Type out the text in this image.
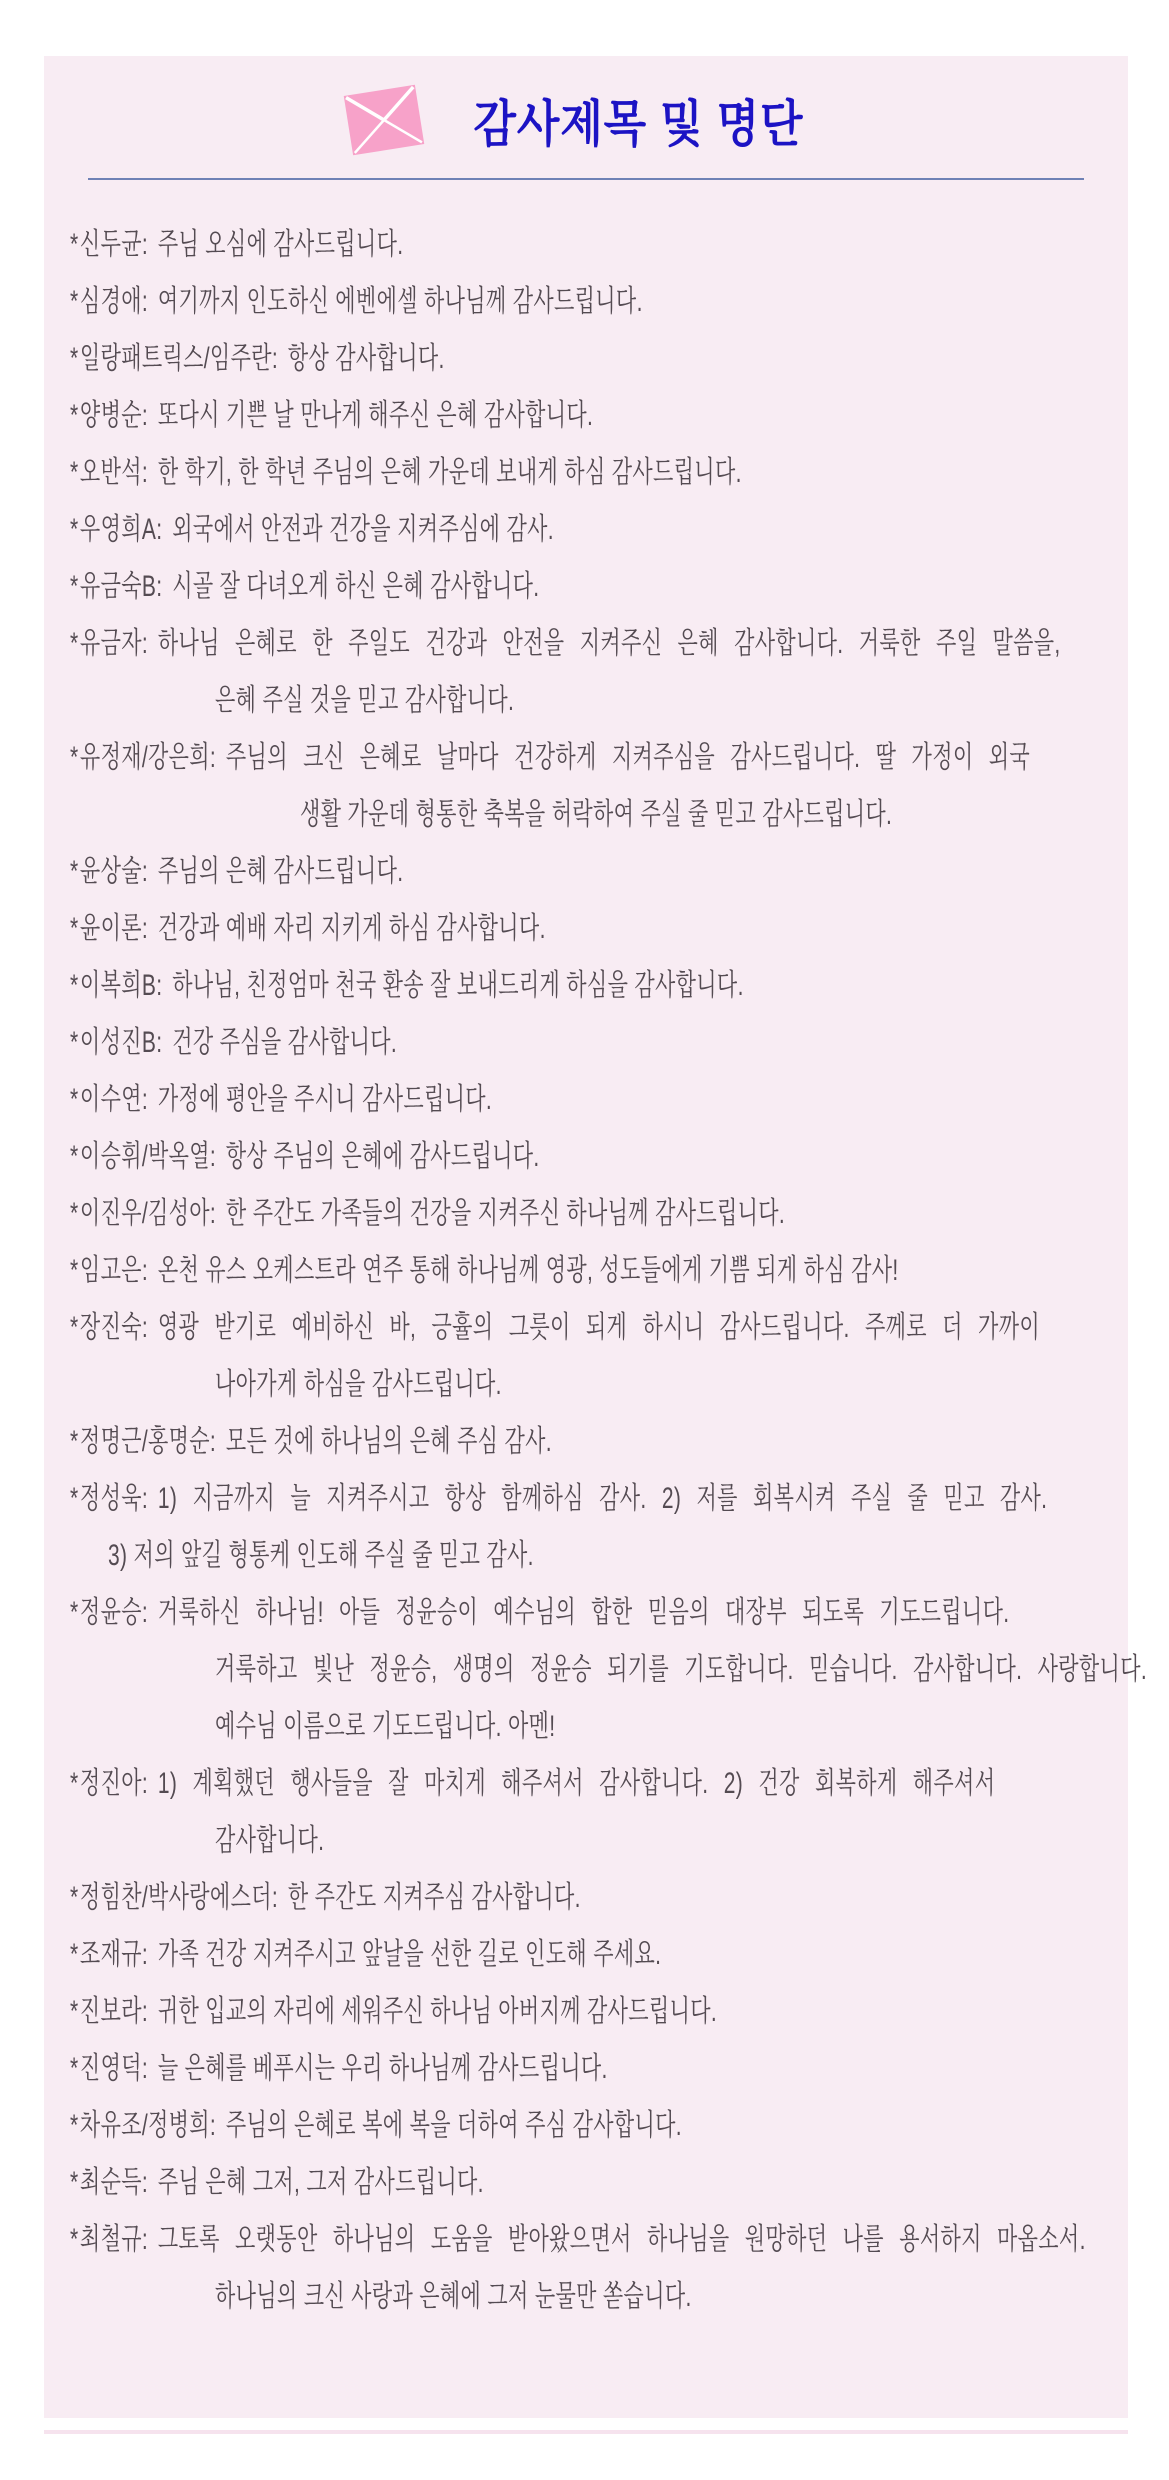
감사제목 및 명단
*신두균: 주님 오심에 감사드립니다.
*심경애: 여기까지 인도하신 에벤에셀 하나님께 감사드립니다.
*일랑패트릭스/임주란: 항상 감사합니다.
*양병순: 또다시 기쁜 날 만나게 해주신 은혜 감사합니다.
*오반석: 한 학기, 한 학년 주님의 은혜 가운데 보내게 하심 감사드립니다.
*우영희A: 외국에서 안전과 건강을 지켜주심에 감사.
*유금숙B: 시골 잘 다녀오게 하신 은혜 감사합니다.
*유금자: 하나님 은혜로 한 주일도 건강과 안전을 지켜주신 은혜 감사합니다. 거룩한 주일 말씀을,
은혜 주실 것을 믿고 감사합니다.
*유정재/강은희: 주님의 크신 은혜로 날마다 건강하게 지켜주심을 감사드립니다. 딸 가정이 외국
생활 가운데 형통한 축복을 허락하여 주실 줄 믿고 감사드립니다.
*윤상술: 주님의 은혜 감사드립니다.
*윤이론: 건강과 예배 자리 지키게 하심 감사합니다.
*이복희B: 하나님, 친정엄마 천국 환송 잘 보내드리게 하심을 감사합니다.
*이성진B: 건강 주심을 감사합니다.
*이수연: 가정에 평안을 주시니 감사드립니다.
*이승휘/박옥열: 항상 주님의 은혜에 감사드립니다.
*이진우/김성아: 한 주간도 가족들의 건강을 지켜주신 하나님께 감사드립니다.
*임고은: 온천 유스 오케스트라 연주 통해 하나님께 영광, 성도들에게 기쁨 되게 하심 감사!
*장진숙: 영광 받기로 예비하신 바, 긍휼의 그릇이 되게 하시니 감사드립니다. 주께로 더 가까이
나아가게 하심을 감사드립니다.
*정명근/홍명순: 모든 것에 하나님의 은혜 주심 감사.
*정성욱: 1) 지금까지 늘 지켜주시고 항상 함께하심 감사. 2) 저를 회복시켜 주실 줄 믿고 감사.
3) 저의 앞길 형통케 인도해 주실 줄 믿고 감사.
*정윤승: 거룩하신 하나님! 아들 정윤승이 예수님의 합한 믿음의 대장부 되도록 기도드립니다.
거룩하고 빛난 정윤승, 생명의 정윤승 되기를 기도합니다. 믿습니다. 감사합니다. 사랑합니다.
예수님 이름으로 기도드립니다. 아멘!
*정진아: 1) 계획했던 행사들을 잘 마치게 해주셔서 감사합니다. 2) 건강 회복하게 해주셔서
감사합니다.
*정힘찬/박사랑에스더: 한 주간도 지켜주심 감사합니다.
*조재규: 가족 건강 지켜주시고 앞날을 선한 길로 인도해 주세요.
*진보라: 귀한 입교의 자리에 세워주신 하나님 아버지께 감사드립니다.
*진영덕: 늘 은혜를 베푸시는 우리 하나님께 감사드립니다.
*차유조/정병희: 주님의 은혜로 복에 복을 더하여 주심 감사합니다.
*최순득: 주님 은혜 그저, 그저 감사드립니다.
*최철규: 그토록 오랫동안 하나님의 도움을 받아왔으면서 하나님을 원망하던 나를 용서하지 마옵소서.
하나님의 크신 사랑과 은혜에 그저 눈물만 쏟습니다.
